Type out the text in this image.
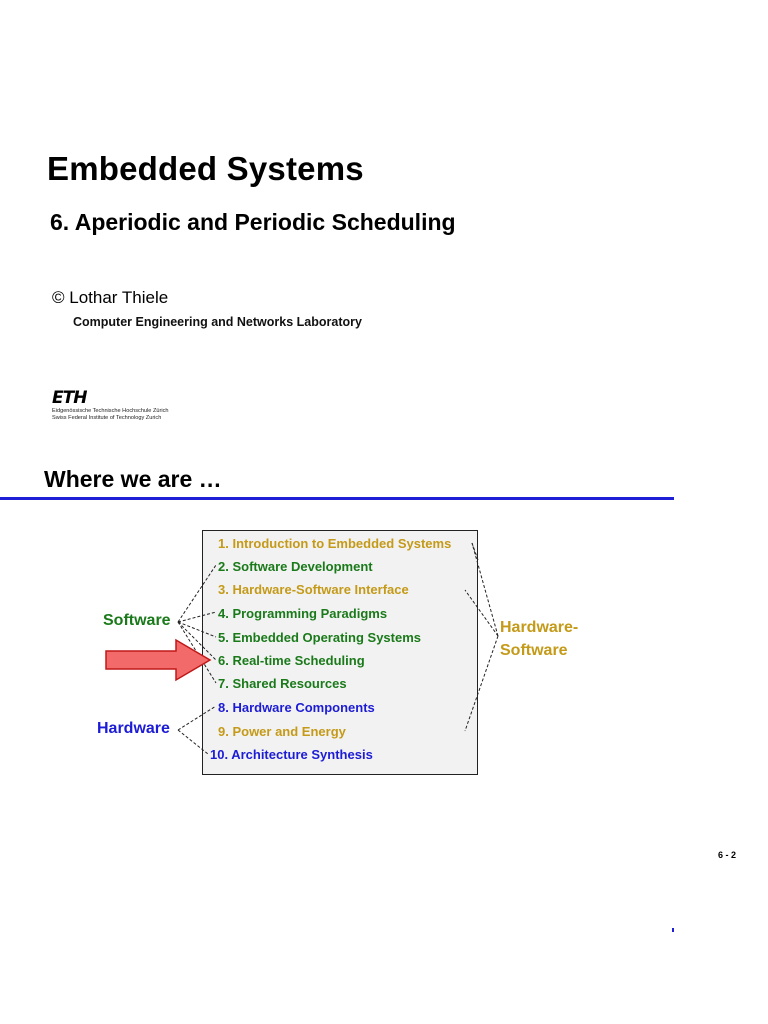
Embedded Systems
6. Aperiodic and Periodic Scheduling
© Lothar Thiele
Computer Engineering and Networks Laboratory
ETH
Eidgenössische Technische Hochschule Zürich
Swiss Federal Institute of Technology Zurich
Where we are …
1. Introduction to Embedded Systems
2. Software Development
3. Hardware-Software Interface
4. Programming Paradigms
5. Embedded Operating Systems
6. Real-time Scheduling
7. Shared Resources
8. Hardware Components
9. Power and Energy
10. Architecture Synthesis
Software
Hardware
Hardware-
Software
6 - 2
